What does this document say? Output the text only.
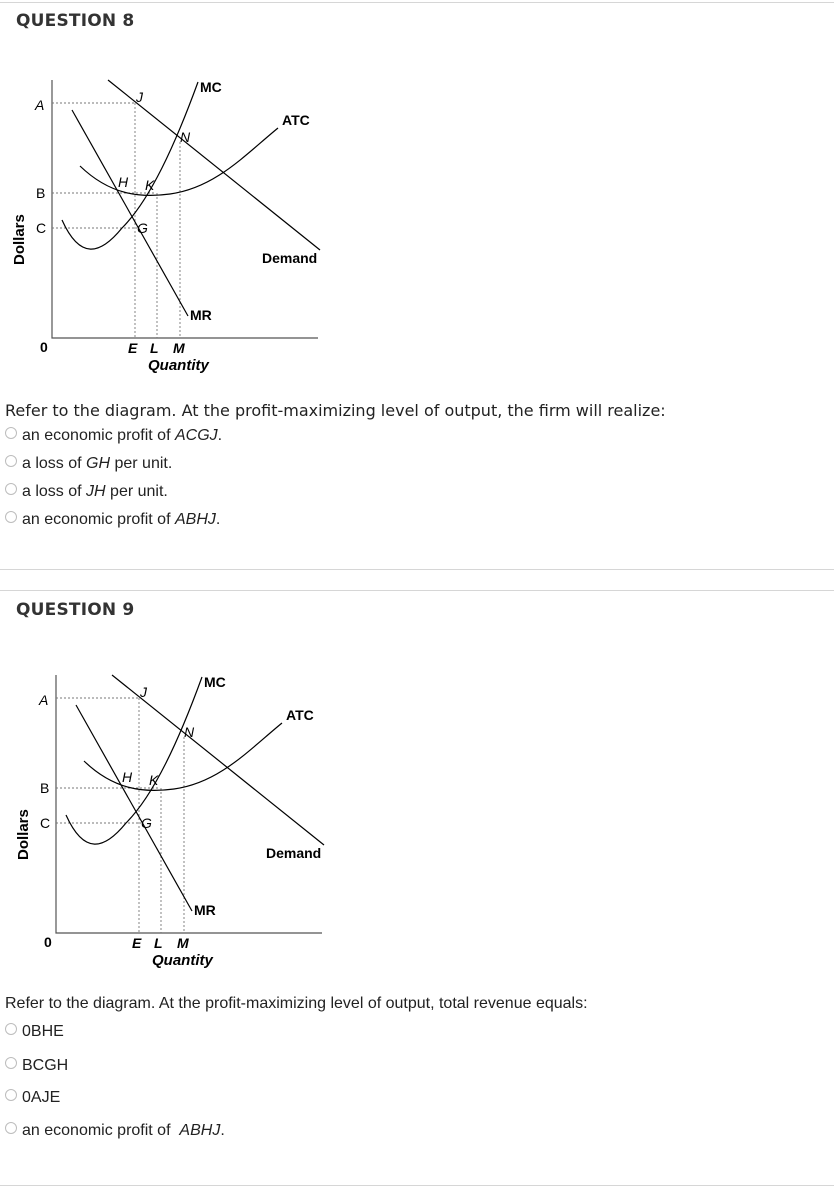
QUESTION 8
A
B
C
0
Dollars
J
N
H K
G
MC
ATC
Demand
MR
E L M
Quantity
Refer to the diagram. At the profit-maximizing level of output, the firm will realize:
an economic profit of ACGJ.
a loss of GH per unit.
a loss of JH per unit.
an economic profit of ABHJ.
QUESTION 9
A
B
C
0
Dollars
J
N
H K
G
MC
ATC
Demand
MR
E L M
Quantity
Refer to the diagram. At the profit-maximizing level of output, total revenue equals:
0BHE
BCGH
0AJE
an economic profit of  ABHJ.
